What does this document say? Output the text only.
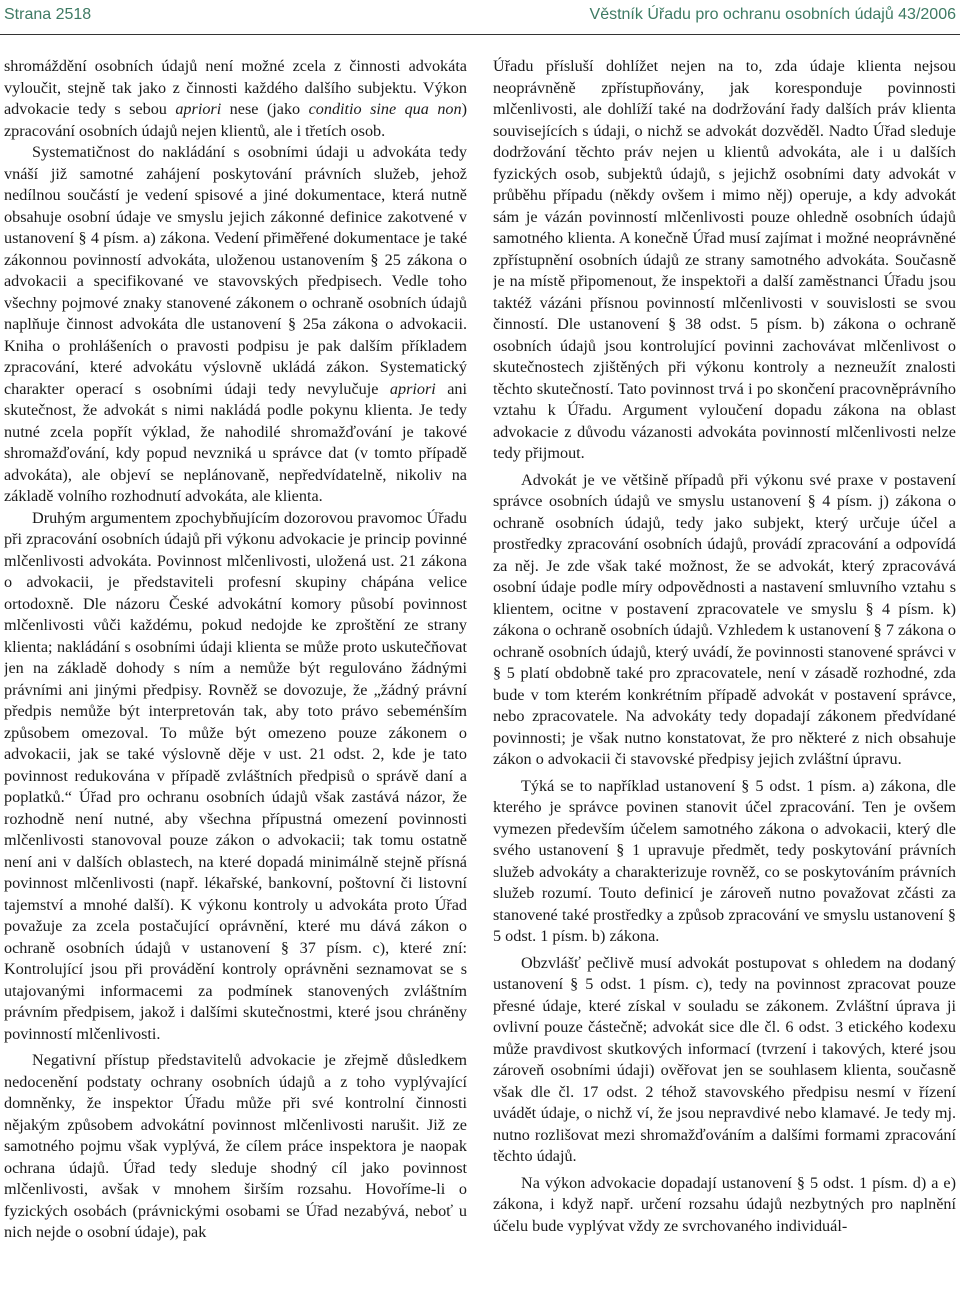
Strana 2518	Věstník Úřadu pro ochranu osobních údajů 43/2006

shromáždění osobních údajů není možné zcela z činnosti advokáta vyloučit, stejně tak jako z činnosti každého dalšího subjektu. Výkon advokacie tedy s sebou apriori nese (jako conditio sine qua non) zpracování osobních údajů nejen klientů, ale i třetích osob.

Systematičnost do nakládání s osobními údaji u advokáta tedy vnáší již samotné zahájení poskytování právních služeb, jehož nedílnou součástí je vedení spisové a jiné dokumentace, která nutně obsahuje osobní údaje ve smyslu jejich zákonné definice zakotvené v ustanovení § 4 písm. a) zákona. Vedení přiměřené dokumentace je také zákonnou povinností advokáta, uloženou ustanovením § 25 zákona o advokacii a specifikované ve stavovských předpisech. Vedle toho všechny pojmové znaky stanovené zákonem o ochraně osobních údajů naplňuje činnost advokáta dle ustanovení § 25a zákona o advokacii. Kniha o prohlášeních o pravosti podpisu je pak dalším příkladem zpracování, které advokátu výslovně ukládá zákon. Systematický charakter operací s osobními údaji tedy nevylučuje apriori ani skutečnost, že advokát s nimi nakládá podle pokynu klienta. Je tedy nutné zcela popřít výklad, že nahodilé shromažďování je takové shromažďování, kdy popud nevzniká u správce dat (v tomto případě advokáta), ale objeví se neplánovaně, nepředvídatelně, nikoliv na základě volního rozhodnutí advokáta, ale klienta.

Druhým argumentem zpochybňujícím dozorovou pravomoc Úřadu při zpracování osobních údajů při výkonu advokacie je princip povinné mlčenlivosti advokáta. Povinnost mlčenlivosti, uložená ust. 21 zákona o advokacii, je představiteli profesní skupiny chápána velice ortodoxně. Dle názoru České advokátní komory působí povinnost mlčenlivosti vůči každému, pokud nedojde ke zproštění ze strany klienta; nakládání s osobními údaji klienta se může proto uskutečňovat jen na základě dohody s ním a nemůže být regulováno žádnými právními ani jinými předpisy. Rovněž se dovozuje, že „žádný právní předpis nemůže být interpretován tak, aby toto právo sebeménším způsobem omezoval. To může být omezeno pouze zákonem o advokacii, jak se také výslovně děje v ust. 21 odst. 2, kde je tato povinnost redukována v případě zvláštních předpisů o správě daní a poplatků.“ Úřad pro ochranu osobních údajů však zastává názor, že rozhodně není nutné, aby všechna přípustná omezení povinnosti mlčenlivosti stanovoval pouze zákon o advokacii; tak tomu ostatně není ani v dalších oblastech, na které dopadá minimálně stejně přísná povinnost mlčenlivosti (např. lékařské, bankovní, poštovní či listovní tajemství a mnohé další). K výkonu kontroly u advokáta proto Úřad považuje za zcela postačující oprávnění, které mu dává zákon o ochraně osobních údajů v ustanovení § 37 písm. c), které zní: Kontrolující jsou při provádění kontroly oprávněni seznamovat se s utajovanými informacemi za podmínek stanovených zvláštním právním předpisem, jakož i dalšími skutečnostmi, které jsou chráněny povinností mlčenlivosti.

Negativní přístup představitelů advokacie je zřejmě důsledkem nedocenění podstaty ochrany osobních údajů a z toho vyplývající domněnky, že inspektor Úřadu může při své kontrolní činnosti nějakým způsobem advokátní povinnost mlčenlivosti narušit. Již ze samotného pojmu však vyplývá, že cílem práce inspektora je naopak ochrana údajů. Úřad tedy sleduje shodný cíl jako povinnost mlčenlivosti, avšak v mnohem širším rozsahu. Hovoříme-li o fyzických osobách (právnickými osobami se Úřad nezabývá, neboť u nich nejde o osobní údaje), pak

Úřadu přísluší dohlížet nejen na to, zda údaje klienta nejsou neoprávněně zpřístupňovány, jak koresponduje povinnosti mlčenlivosti, ale dohlíží také na dodržování řady dalších práv klienta souvisejících s údaji, o nichž se advokát dozvěděl. Nadto Úřad sleduje dodržování těchto práv nejen u klientů advokáta, ale i u dalších fyzických osob, subjektů údajů, s jejichž osobními daty advokát v průběhu případu (někdy ovšem i mimo něj) operuje, a kdy advokát sám je vázán povinností mlčenlivosti pouze ohledně osobních údajů samotného klienta. A konečně Úřad musí zajímat i možné neoprávněné zpřístupnění osobních údajů ze strany samotného advokáta. Současně je na místě připomenout, že inspektoři a další zaměstnanci Úřadu jsou taktéž vázáni přísnou povinností mlčenlivosti v souvislosti se svou činností. Dle ustanovení § 38 odst. 5 písm. b) zákona o ochraně osobních údajů jsou kontrolující povinni zachovávat mlčenlivost o skutečnostech zjištěných při výkonu kontroly a nezneužít znalosti těchto skutečností. Tato povinnost trvá i po skončení pracovněprávního vztahu k Úřadu. Argument vyloučení dopadu zákona na oblast advokacie z důvodu vázanosti advokáta povinností mlčenlivosti nelze tedy přijmout.

Advokát je ve většině případů při výkonu své praxe v postavení správce osobních údajů ve smyslu ustanovení § 4 písm. j) zákona o ochraně osobních údajů, tedy jako subjekt, který určuje účel a prostředky zpracování osobních údajů, provádí zpracování a odpovídá za něj. Je zde však také možnost, že se advokát, který zpracovává osobní údaje podle míry odpovědnosti a nastavení smluvního vztahu s klientem, ocitne v postavení zpracovatele ve smyslu § 4 písm. k) zákona o ochraně osobních údajů. Vzhledem k ustanovení § 7 zákona o ochraně osobních údajů, který uvádí, že povinnosti stanovené správci v § 5 platí obdobně také pro zpracovatele, není v zásadě rozhodné, zda bude v tom kterém konkrétním případě advokát v postavení správce, nebo zpracovatele. Na advokáty tedy dopadají zákonem předvídané povinnosti; je však nutno konstatovat, že pro některé z nich obsahuje zákon o advokacii či stavovské předpisy jejich zvláštní úpravu.

Týká se to například ustanovení § 5 odst. 1 písm. a) zákona, dle kterého je správce povinen stanovit účel zpracování. Ten je ovšem vymezen především účelem samotného zákona o advokacii, který dle svého ustanovení § 1 upravuje předmět, tedy poskytování právních služeb advokáty a charakterizuje rovněž, co se poskytováním právních služeb rozumí. Touto definicí je zároveň nutno považovat zčásti za stanovené také prostředky a způsob zpracování ve smyslu ustanovení § 5 odst. 1 písm. b) zákona.

Obzvlášť pečlivě musí advokát postupovat s ohledem na dodaný ustanovení § 5 odst. 1 písm. c), tedy na povinnost zpracovat pouze přesné údaje, které získal v souladu se zákonem. Zvláštní úprava ji ovlivní pouze částečně; advokát sice dle čl. 6 odst. 3 etického kodexu může pravdivost skutkových informací (tvrzení i takových, které jsou zároveň osobními údaji) ověřovat jen se souhlasem klienta, současně však dle čl. 17 odst. 2 téhož stavovského předpisu nesmí v řízení uvádět údaje, o nichž ví, že jsou nepravdivé nebo klamavé. Je tedy mj. nutno rozlišovat mezi shromažďováním a dalšími formami zpracování těchto údajů.

Na výkon advokacie dopadají ustanovení § 5 odst. 1 písm. d) a e) zákona, i když např. určení rozsahu údajů nezbytných pro naplnění účelu bude vyplývat vždy ze svrchovaného individuál-
